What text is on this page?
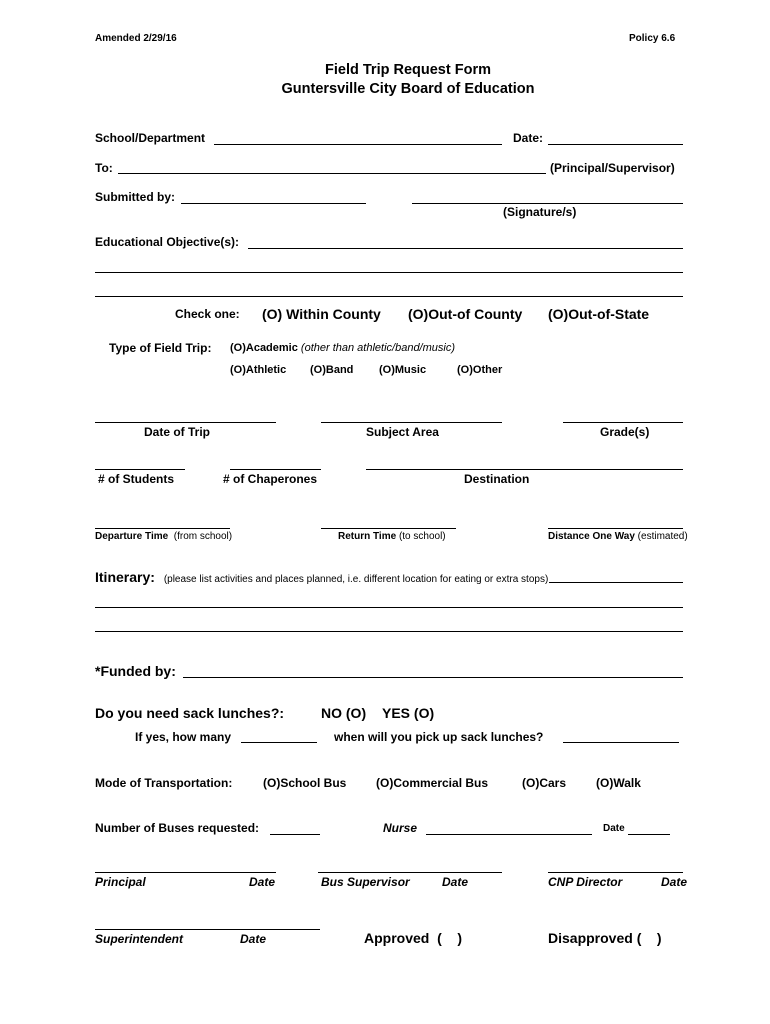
Amended 2/29/16	Policy 6.6
Field Trip Request Form
Guntersville City Board of Education
School/Department	Date:
To:	(Principal/Supervisor)
Submitted by:
(Signature/s)
Educational Objective(s):
Check one: (O) Within County (O)Out-of County (O)Out-of-State
Type of Field Trip: (O)Academic (other than athletic/band/music)
(O)Athletic (O)Band (O)Music	(O)Other
Date of Trip	Subject Area	Grade(s)
# of Students	# of Chaperones	Destination
Departure Time (from school)	Return Time (to school)	Distance One Way (estimated)
Itinerary: (please list activities and places planned, i.e. different location for eating or extra stops)
*Funded by:
Do you need sack lunches?:	NO (O) YES (O)
If yes, how many	when will you pick up sack lunches?
Mode of Transportation:	(O)School Bus (O)Commercial Bus	(O)Cars (O)Walk
Number of Buses requested:	Nurse	Date
Principal	Date	Bus Supervisor	Date	CNP Director	Date
Superintendent	Date	Approved  (    )	Disapproved (    )
